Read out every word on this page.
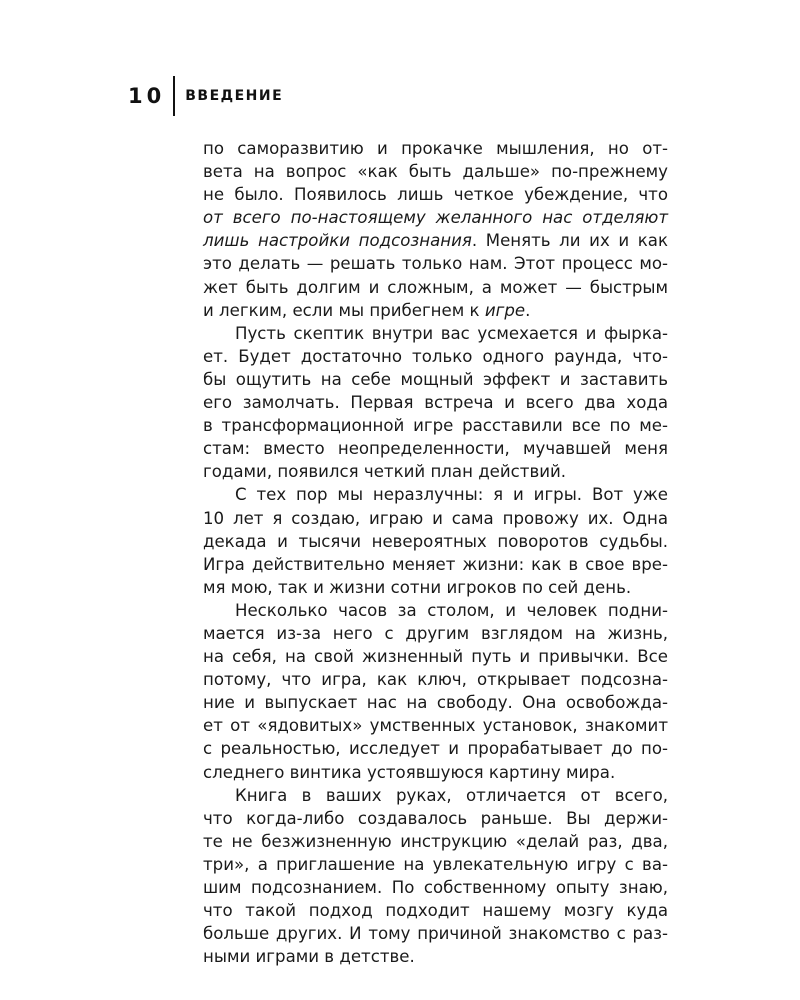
10 ВВЕДЕНИЕ
по саморазвитию и прокачке мышления, но от-
вета на вопрос «как быть дальше» по-прежнему
не было. Появилось лишь четкое убеждение, что
от всего по-настоящему желанного нас отделяют
лишь настройки подсознания. Менять ли их и как
это делать — решать только нам. Этот процесс мо-
жет быть долгим и сложным, а может — быстрым
и легким, если мы прибегнем к игре.
Пусть скептик внутри вас усмехается и фырка-
ет. Будет достаточно только одного раунда, что-
бы ощутить на себе мощный эффект и заставить
его замолчать. Первая встреча и всего два хода
в трансформационной игре расставили все по ме-
стам: вместо неопределенности, мучавшей меня
годами, появился четкий план действий.
С тех пор мы неразлучны: я и игры. Вот уже
10 лет я создаю, играю и сама провожу их. Одна
декада и тысячи невероятных поворотов судьбы.
Игра действительно меняет жизни: как в свое вре-
мя мою, так и жизни сотни игроков по сей день.
Несколько часов за столом, и человек подни-
мается из-за него с другим взглядом на жизнь,
на себя, на свой жизненный путь и привычки. Все
потому, что игра, как ключ, открывает подсозна-
ние и выпускает нас на свободу. Она освобожда-
ет от «ядовитых» умственных установок, знакомит
с реальностью, исследует и прорабатывает до по-
следнего винтика устоявшуюся картину мира.
Книга в ваших руках, отличается от всего,
что когда-либо создавалось раньше. Вы держи-
те не безжизненную инструкцию «делай раз, два,
три», а приглашение на увлекательную игру с ва-
шим подсознанием. По собственному опыту знаю,
что такой подход подходит нашему мозгу куда
больше других. И тому причиной знакомство с раз-
ными играми в детстве.
